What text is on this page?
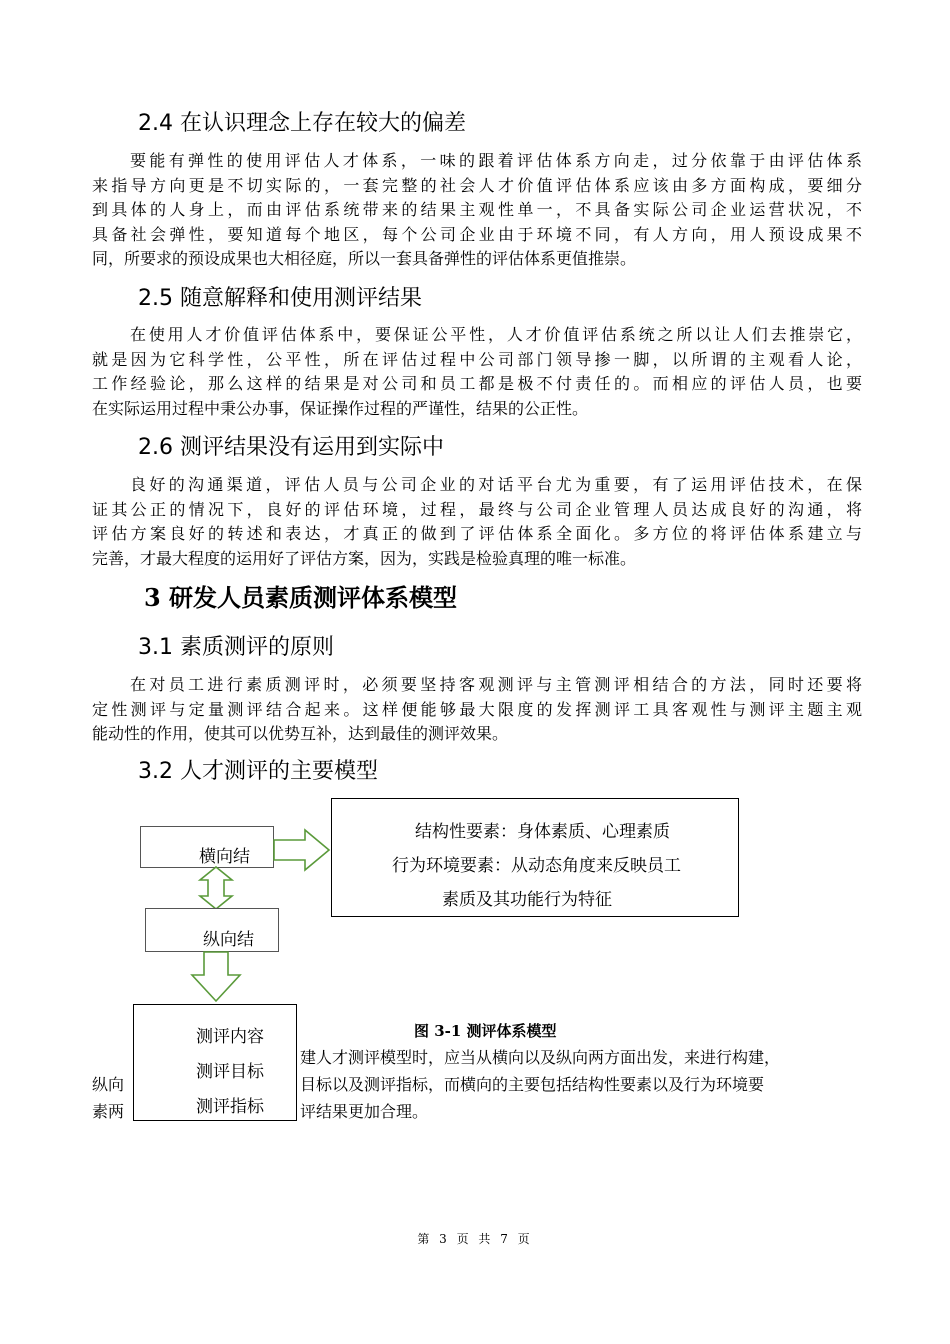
2.4 在认识理念上存在较大的偏差
要能有弹性的使用评估人才体系，一味的跟着评估体系方向走，过分依靠于由评估体系
来指导方向更是不切实际的，一套完整的社会人才价值评估体系应该由多方面构成，要细分
到具体的人身上，而由评估系统带来的结果主观性单一，不具备实际公司企业运营状况，不
具备社会弹性，要知道每个地区，每个公司企业由于环境不同，有人方向，用人预设成果不
同，所要求的预设成果也大相径庭，所以一套具备弹性的评估体系更值推崇。
2.5 随意解释和使用测评结果
在使用人才价值评估体系中，要保证公平性，人才价值评估系统之所以让人们去推崇它，
就是因为它科学性，公平性，所在评估过程中公司部门领导掺一脚，以所谓的主观看人论，
工作经验论，那么这样的结果是对公司和员工都是极不付责任的。而相应的评估人员，也要
在实际运用过程中秉公办事，保证操作过程的严谨性，结果的公正性。
2.6 测评结果没有运用到实际中
良好的沟通渠道，评估人员与公司企业的对话平台尤为重要，有了运用评估技术，在保
证其公正的情况下，良好的评估环境，过程，最终与公司企业管理人员达成良好的沟通，将
评估方案良好的转述和表达，才真正的做到了评估体系全面化。多方位的将评估体系建立与
完善，才最大程度的运用好了评估方案，因为，实践是检验真理的唯一标准。
3 研发人员素质测评体系模型
3.1 素质测评的原则
在对员工进行素质测评时，必须要坚持客观测评与主管测评相结合的方法，同时还要将
定性测评与定量测评结合起来。这样便能够最大限度的发挥测评工具客观性与测评主题主观
能动性的作用，使其可以优势互补，达到最佳的测评效果。
3.2 人才测评的主要模型
建人才测评模型时，应当从横向以及纵向两方面出发，来进行构建，
纵向	目标以及测评指标，而横向的主要包括结构性要素以及行为环境要
素两	评结果更加合理。
横向结
结构性要素：身体素质、心理素质
行为环境要素：从动态角度来反映员工
素质及其功能行为特征
纵向结
测评内容
测评目标
测评指标
图 3-1 测评体系模型
第 3 页 共 7 页
